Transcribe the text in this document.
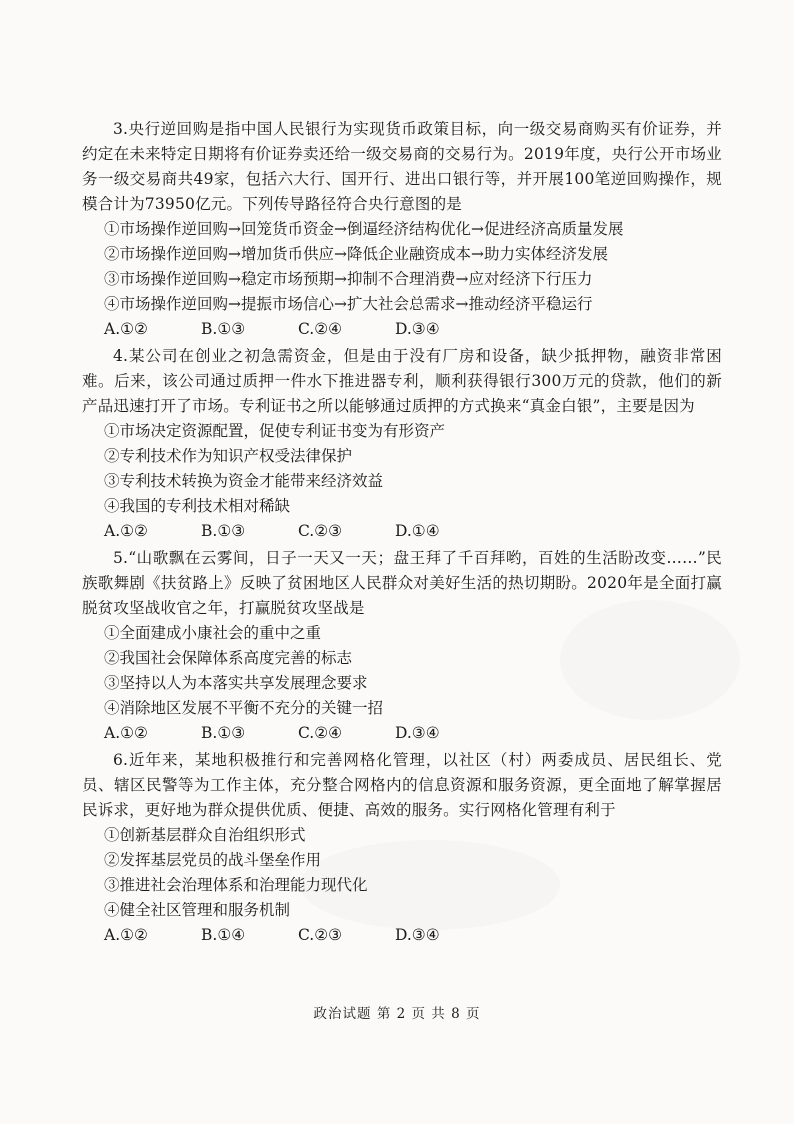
3.央行逆回购是指中国人民银行为实现货币政策目标，向一级交易商购买有价证券，并约定在未来特定日期将有价证券卖还给一级交易商的交易行为。2019年度，央行公开市场业务一级交易商共49家，包括六大行、国开行、进出口银行等，并开展100笔逆回购操作，规模合计为73950亿元。下列传导路径符合央行意图的是

①市场操作逆回购→回笼货币资金→倒逼经济结构优化→促进经济高质量发展

②市场操作逆回购→增加货币供应→降低企业融资成本→助力实体经济发展

③市场操作逆回购→稳定市场预期→抑制不合理消费→应对经济下行压力

④市场操作逆回购→提振市场信心→扩大社会总需求→推动经济平稳运行

A.①②	B.①③	C.②④	D.③④

4.某公司在创业之初急需资金，但是由于没有厂房和设备，缺少抵押物，融资非常困难。后来，该公司通过质押一件水下推进器专利，顺利获得银行300万元的贷款，他们的新产品迅速打开了市场。专利证书之所以能够通过质押的方式换来“真金白银”，主要是因为

①市场决定资源配置，促使专利证书变为有形资产

②专利技术作为知识产权受法律保护

③专利技术转换为资金才能带来经济效益

④我国的专利技术相对稀缺

A.①②	B.①③	C.②③	D.①④

5.“山歌飘在云雾间，日子一天又一天；盘王拜了千百拜哟，百姓的生活盼改变……”民族歌舞剧《扶贫路上》反映了贫困地区人民群众对美好生活的热切期盼。2020年是全面打赢脱贫攻坚战收官之年，打赢脱贫攻坚战是

①全面建成小康社会的重中之重

②我国社会保障体系高度完善的标志

③坚持以人为本落实共享发展理念要求

④消除地区发展不平衡不充分的关键一招

A.①②	B.①③	C.②④	D.③④

6.近年来，某地积极推行和完善网格化管理，以社区（村）两委成员、居民组长、党员、辖区民警等为工作主体，充分整合网格内的信息资源和服务资源，更全面地了解掌握居民诉求，更好地为群众提供优质、便捷、高效的服务。实行网格化管理有利于

①创新基层群众自治组织形式

②发挥基层党员的战斗堡垒作用

③推进社会治理体系和治理能力现代化

④健全社区管理和服务机制

A.①②	B.①④	C.②③	D.③④
政治试题 第 2 页 共 8 页
